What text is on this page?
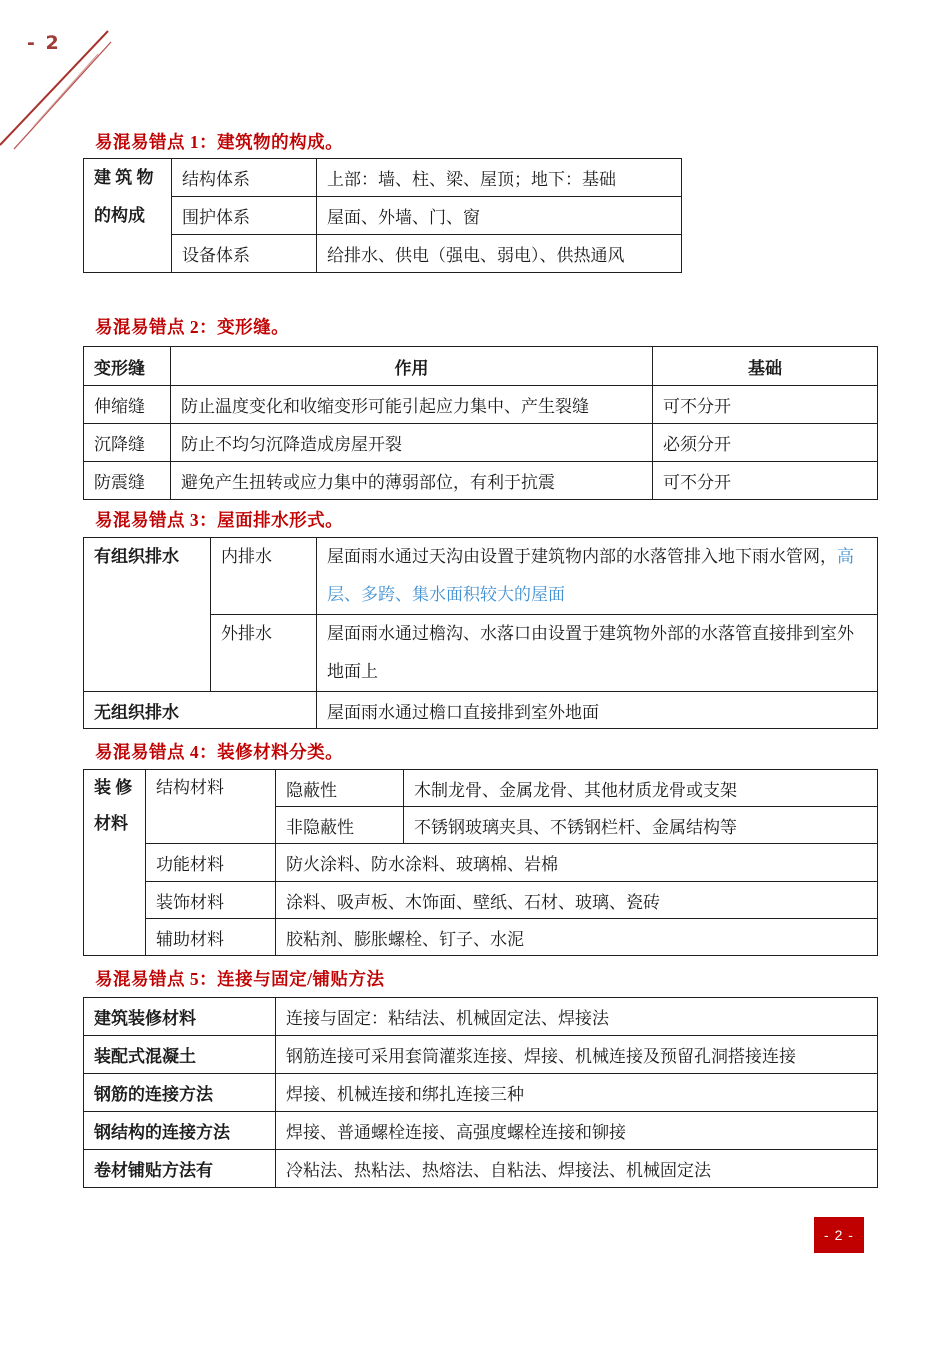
- 2
易混易错点 1：建筑物的构成。
建 筑 物
的构成	结构体系	上部：墙、柱、梁、屋顶；地下：基础
	围护体系	屋面、外墙、门、窗
	设备体系	给排水、供电（强电、弱电）、供热通风
易混易错点 2：变形缝。
变形缝	作用	基础
伸缩缝	防止温度变化和收缩变形可能引起应力集中、产生裂缝	可不分开
沉降缝	防止不均匀沉降造成房屋开裂	必须分开
防震缝	避免产生扭转或应力集中的薄弱部位，有利于抗震	可不分开
易混易错点 3：屋面排水形式。
有组织排水	内排水	屋面雨水通过天沟由设置于建筑物内部的水落管排入地下雨水管网，高层、多跨、集水面积较大的屋面
	外排水	屋面雨水通过檐沟、水落口由设置于建筑物外部的水落管直接排到室外地面上
无组织排水		屋面雨水通过檐口直接排到室外地面
易混易错点 4：装修材料分类。
装 修
材料	结构材料	隐蔽性	木制龙骨、金属龙骨、其他材质龙骨或支架
		非隐蔽性	不锈钢玻璃夹具、不锈钢栏杆、金属结构等
	功能材料	防火涂料、防水涂料、玻璃棉、岩棉	
	装饰材料	涂料、吸声板、木饰面、壁纸、石材、玻璃、瓷砖	
	辅助材料	胶粘剂、膨胀螺栓、钉子、水泥	
易混易错点 5：连接与固定/铺贴方法
建筑装修材料	连接与固定：粘结法、机械固定法、焊接法
装配式混凝土	钢筋连接可采用套筒灌浆连接、焊接、机械连接及预留孔洞搭接连接
钢筋的连接方法	焊接、机械连接和绑扎连接三种
钢结构的连接方法	焊接、普通螺栓连接、高强度螺栓连接和铆接
卷材铺贴方法有	冷粘法、热粘法、热熔法、自粘法、焊接法、机械固定法
- 2 -
